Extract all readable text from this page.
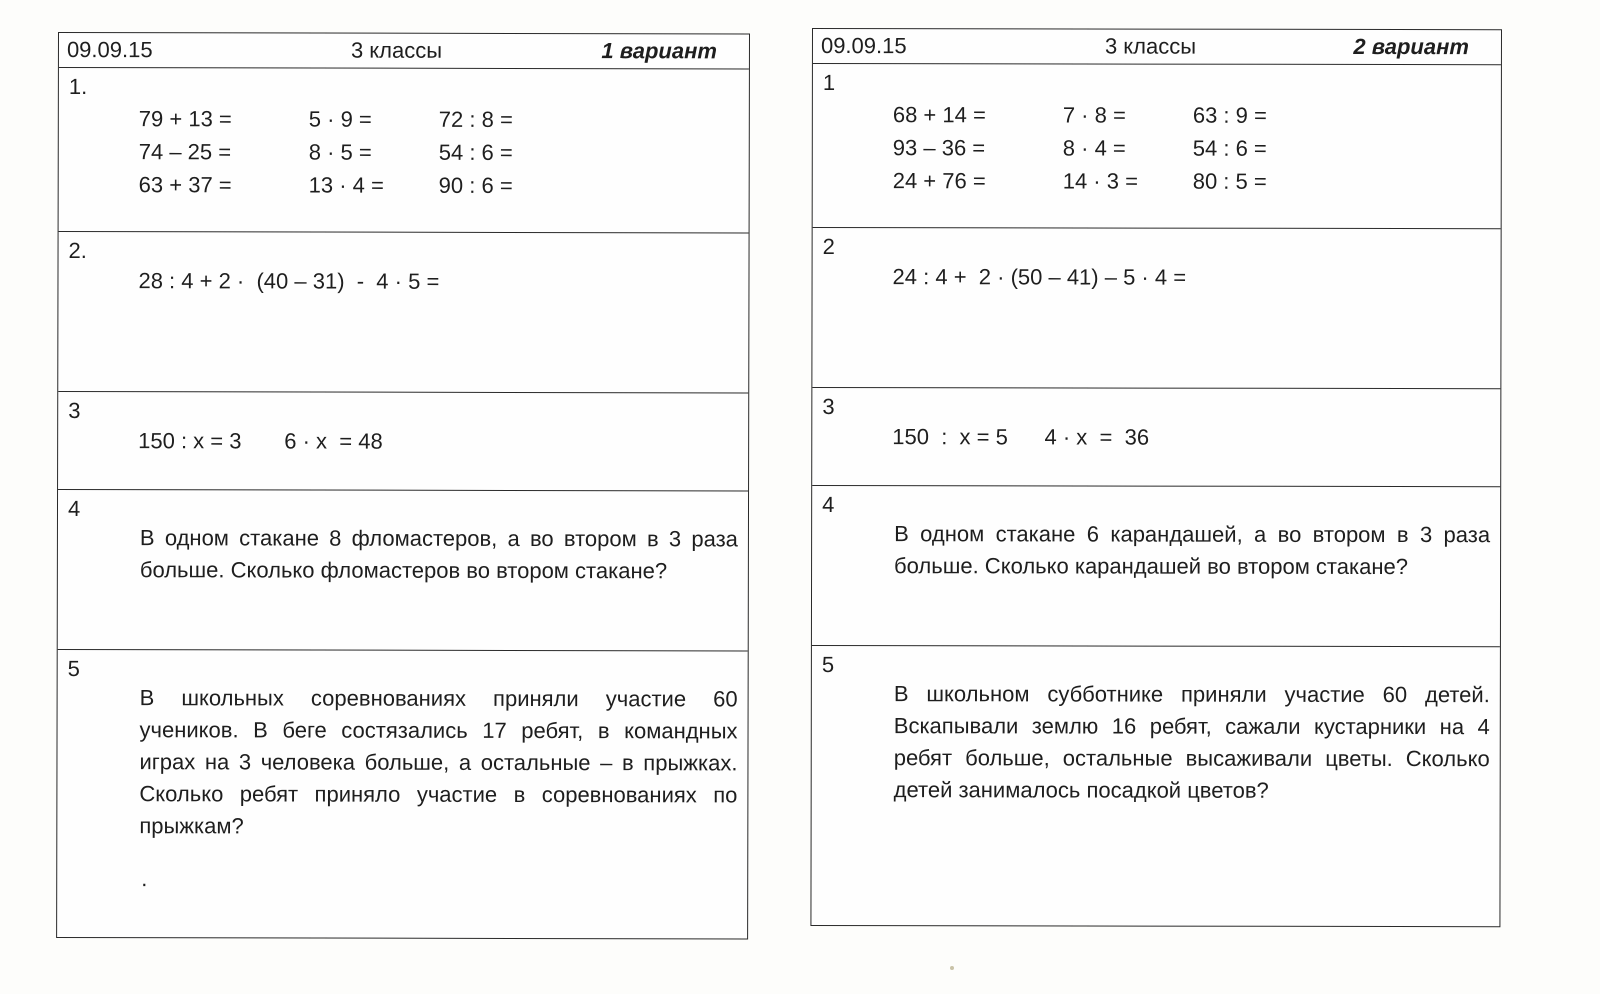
09.09.15	3 классы	1 вариант
1.
79 + 13 =	5 · 9 =	72 : 8 =
74 – 25 =	8 · 5 =	54 : 6 =
63 + 37 =	13 · 4 =	90 : 6 =
2.
28 : 4 + 2 ·  (40 – 31)  -  4 · 5 =
3
150 : x = 3       6 · x  = 48
4
В одном стакане 8 фломастеров, а во втором в 3 раза больше. Сколько фломастеров во втором стакане?
5
В школьных соревнованиях приняли участие 60 учеников. В беге состязались 17 ребят, в командных играх на 3 человека больше, а остальные – в прыжках. Сколько ребят приняло участие в соревнованиях по прыжкам?
.
09.09.15	3 классы	2 вариант
1
68 + 14 =	7 · 8 =	63 : 9 =
93 – 36 =	8 · 4 =	54 : 6 =
24 + 76 =	14 · 3 =	80 : 5 =
2
24 : 4 +  2 · (50 – 41) – 5 · 4 =
3
150  :  x = 5      4 · x  =  36
4
В одном стакане 6 карандашей, а во втором в 3 раза больше. Сколько карандашей во втором стакане?
5
В школьном субботнике приняли участие 60 детей. Вскапывали землю 16 ребят, сажали кустарники на 4 ребят больше, остальные высаживали цветы. Сколько детей занималось посадкой цветов?
